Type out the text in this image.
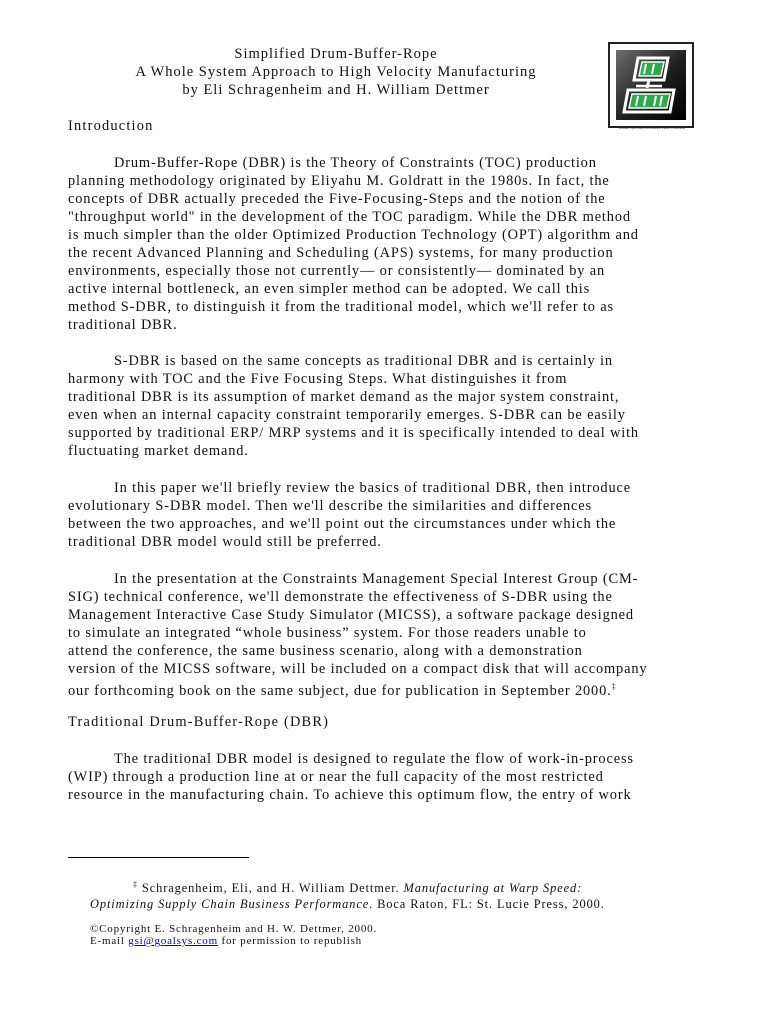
Simplified Drum-Buffer-Rope
A Whole System Approach to High Velocity Manufacturing
by Eli Schragenheim and H. William Dettmer
Annual Spectrum Information Paper Formation
Introduction
Drum-Buffer-Rope (DBR) is the Theory of Constraints (TOC) production
planning methodology originated by Eliyahu M. Goldratt in the 1980s. In fact, the
concepts of DBR actually preceded the Five-Focusing-Steps and the notion of the
"throughput world" in the development of the TOC paradigm. While the DBR method
is much simpler than the older Optimized Production Technology (OPT) algorithm and
the recent Advanced Planning and Scheduling (APS) systems, for many production
environments, especially those not currently— or consistently— dominated by an
active internal bottleneck, an even simpler method can be adopted. We call this
method S-DBR, to distinguish it from the traditional model, which we'll refer to as
traditional DBR.
S-DBR is based on the same concepts as traditional DBR and is certainly in
harmony with TOC and the Five Focusing Steps. What distinguishes it from
traditional DBR is its assumption of market demand as the major system constraint,
even when an internal capacity constraint temporarily emerges. S-DBR can be easily
supported by traditional ERP/ MRP systems and it is specifically intended to deal with
fluctuating market demand.
In this paper we'll briefly review the basics of traditional DBR, then introduce
evolutionary S-DBR model. Then we'll describe the similarities and differences
between the two approaches, and we'll point out the circumstances under which the
traditional DBR model would still be preferred.
In the presentation at the Constraints Management Special Interest Group (CM-
SIG) technical conference, we'll demonstrate the effectiveness of S-DBR using the
Management Interactive Case Study Simulator (MICSS), a software package designed
to simulate an integrated “whole business” system. For those readers unable to
attend the conference, the same business scenario, along with a demonstration
version of the MICSS software, will be included on a compact disk that will accompany
our forthcoming book on the same subject, due for publication in September 2000.‡
Traditional Drum-Buffer-Rope (DBR)
The traditional DBR model is designed to regulate the flow of work-in-process
(WIP) through a production line at or near the full capacity of the most restricted
resource in the manufacturing chain. To achieve this optimum flow, the entry of work
‡ Schragenheim, Eli, and H. William Dettmer. Manufacturing at Warp Speed:
Optimizing Supply Chain Business Performance. Boca Raton, FL: St. Lucie Press, 2000.
©Copyright E. Schragenheim and H. W. Dettmer, 2000.
E-mail gsi@goalsys.com for permission to republish
